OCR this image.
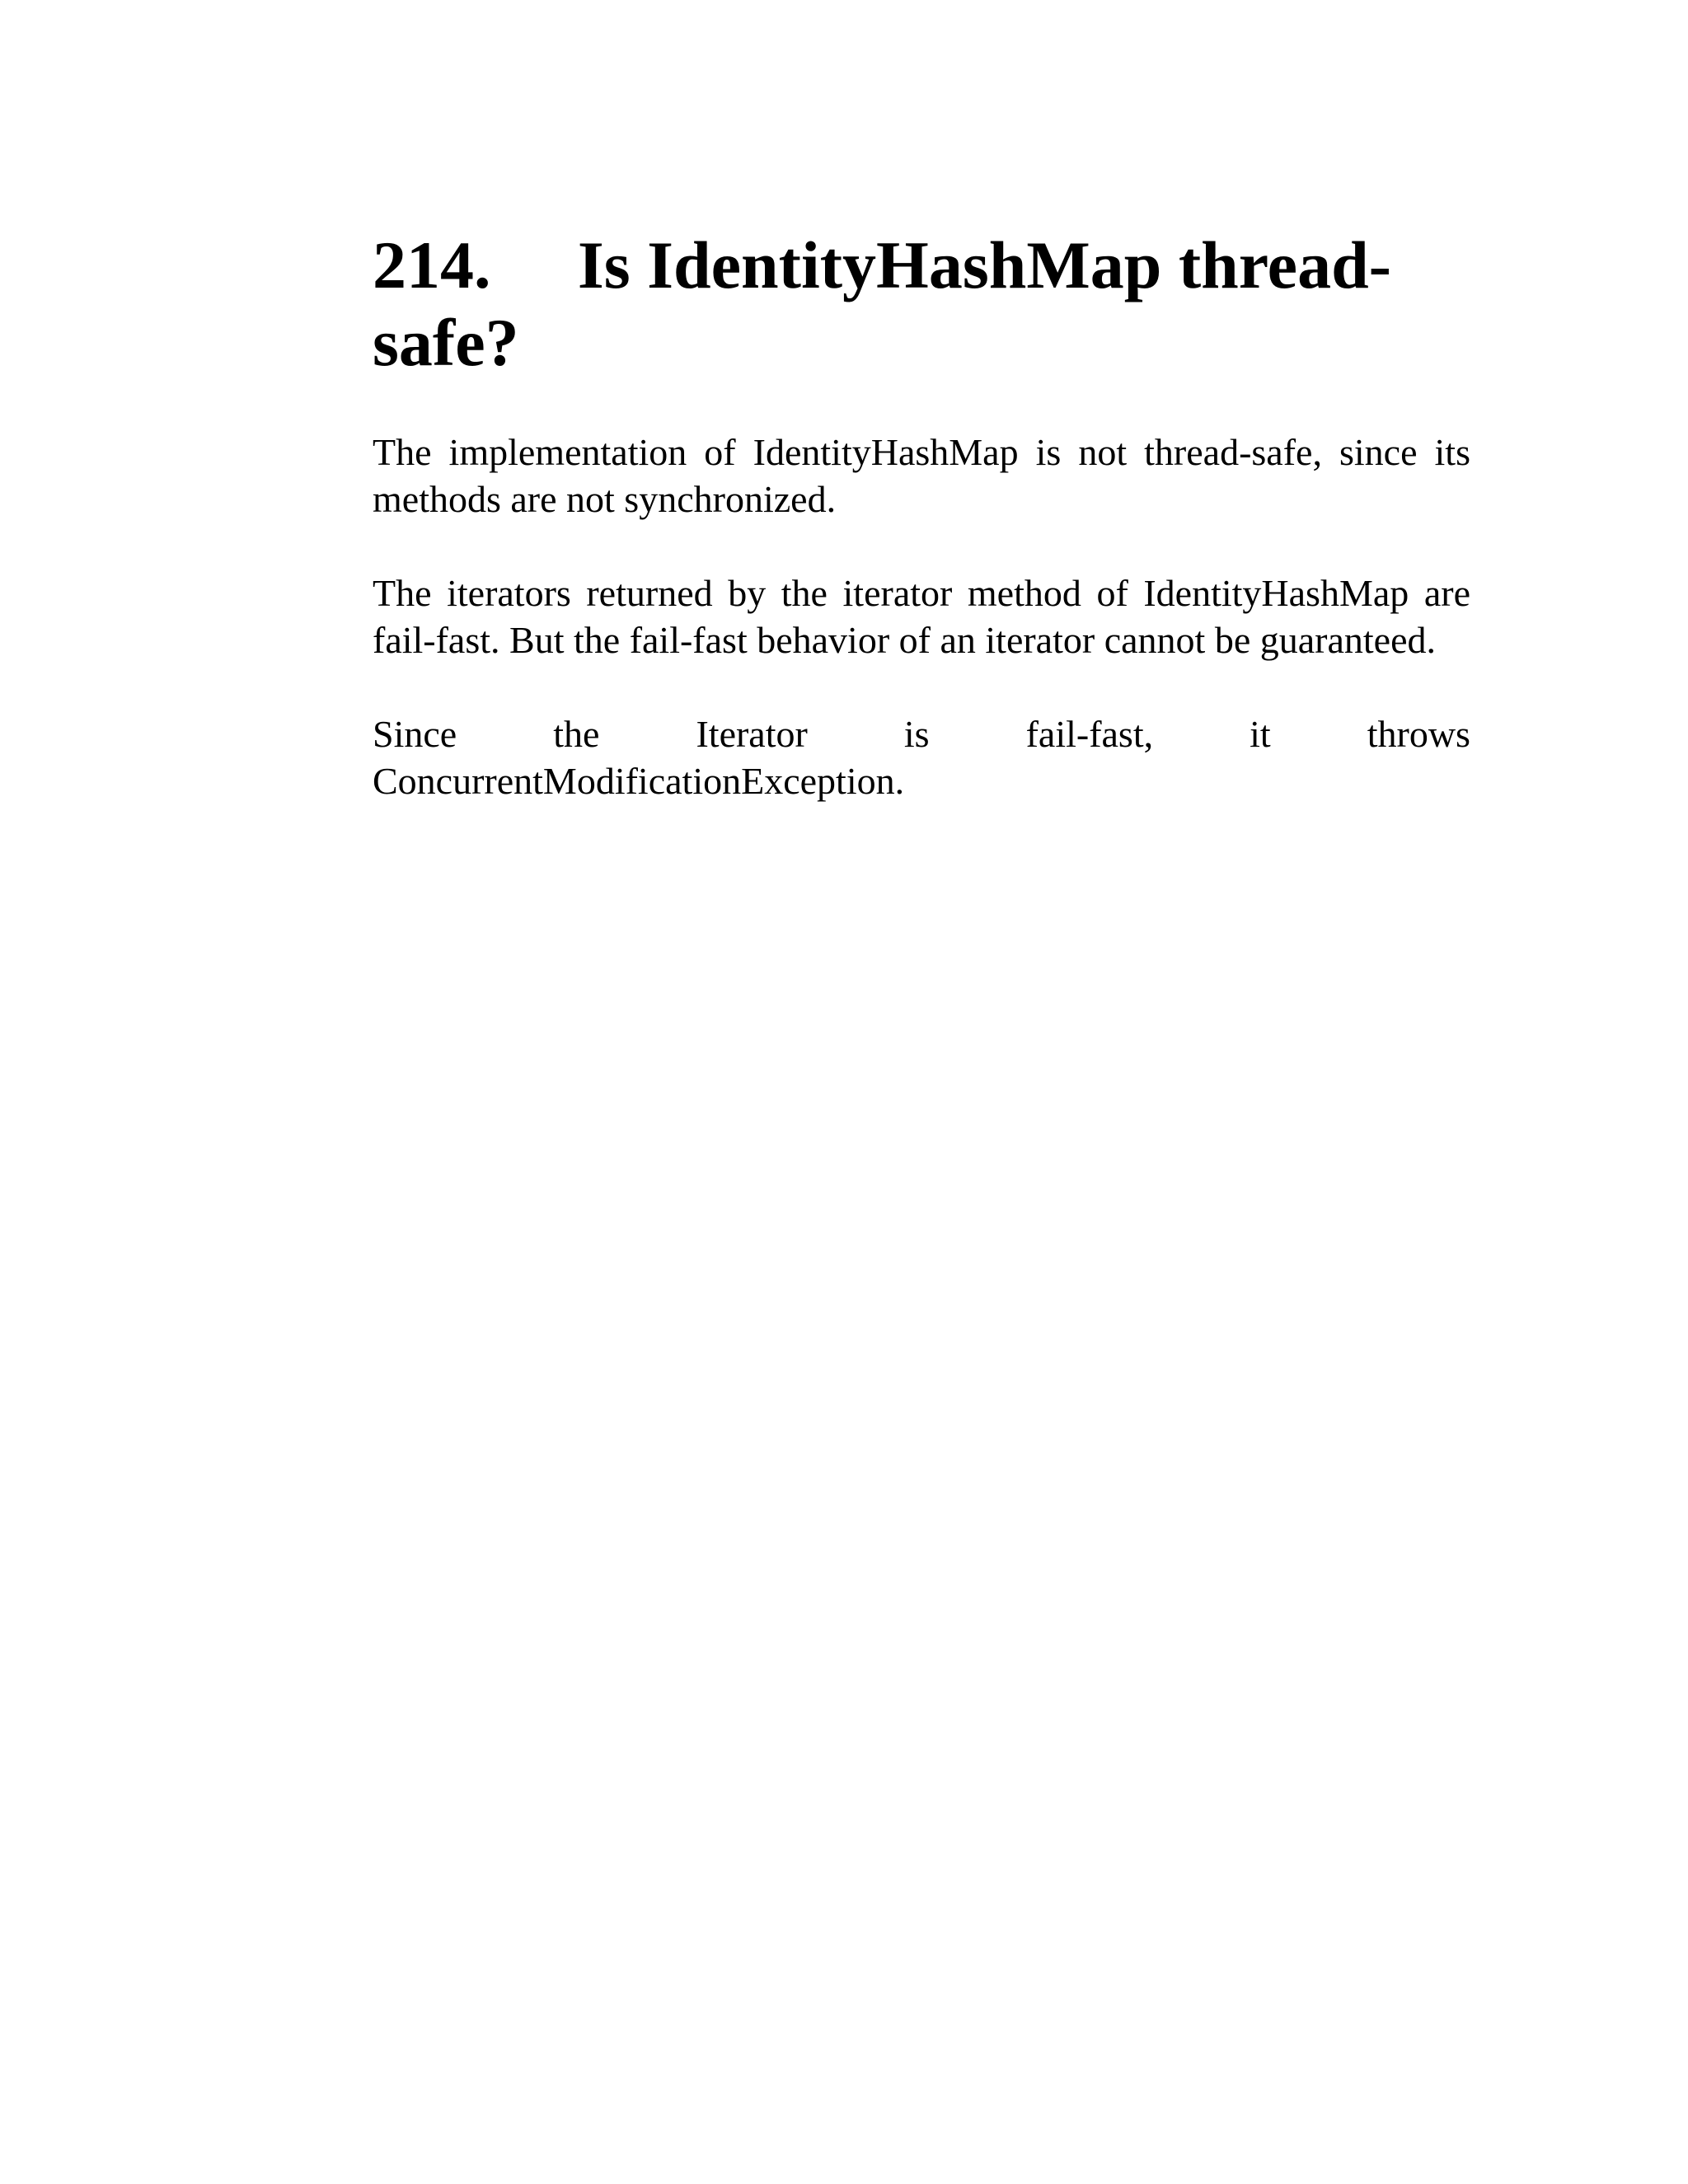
214. Is IdentityHashMap thread-
safe?

The implementation of IdentityHashMap is not thread-safe, since its methods are not synchronized.

The iterators returned by the iterator method of IdentityHashMap are fail-fast. But the fail-fast behavior of an iterator cannot be guaranteed.

Since	the	Iterator	is	fail-fast,	it	throws
ConcurrentModificationException.
